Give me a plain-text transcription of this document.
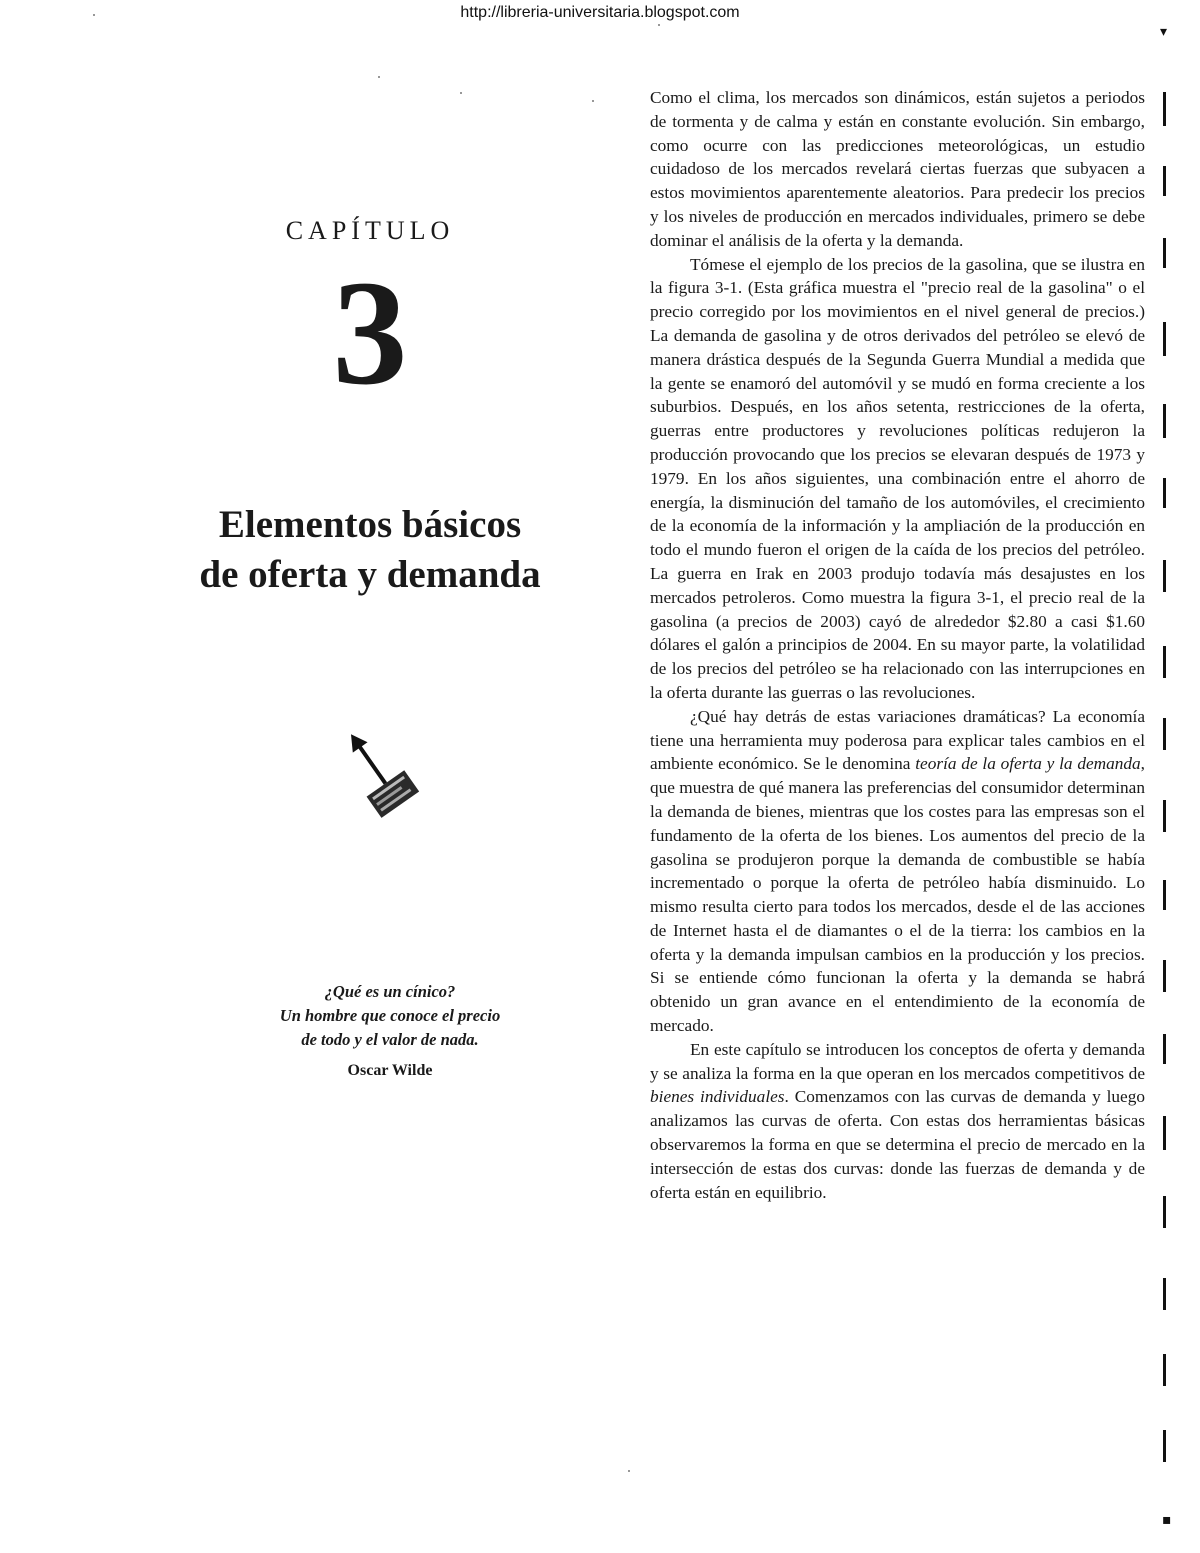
http://libreria-universitaria.blogspot.com
CAPÍTULO
3
Elementos básicos
de oferta y demanda
¿Qué es un cínico?
Un hombre que conoce el precio
de todo y el valor de nada.
Oscar Wilde

Como el clima, los mercados son dinámicos, están sujetos a periodos de tormenta y de calma y están en constante evolución. Sin embargo, como ocurre con las predicciones meteorológicas, un estudio cuidadoso de los mercados revelará ciertas fuerzas que subyacen a estos movimientos aparentemente aleatorios. Para predecir los precios y los niveles de producción en mercados individuales, primero se debe dominar el análisis de la oferta y la demanda.

Tómese el ejemplo de los precios de la gasolina, que se ilustra en la figura 3-1. (Esta gráfica muestra el "precio real de la gasolina" o el precio corregido por los movimientos en el nivel general de precios.) La demanda de gasolina y de otros derivados del petróleo se elevó de manera drástica después de la Segunda Guerra Mundial a medida que la gente se enamoró del automóvil y se mudó en forma creciente a los suburbios. Después, en los años setenta, restricciones de la oferta, guerras entre productores y revoluciones políticas redujeron la producción provocando que los precios se elevaran después de 1973 y 1979. En los años siguientes, una combinación entre el ahorro de energía, la disminución del tamaño de los automóviles, el crecimiento de la economía de la información y la ampliación de la producción en todo el mundo fueron el origen de la caída de los precios del petróleo. La guerra en Irak en 2003 produjo todavía más desajustes en los mercados petroleros. Como muestra la figura 3-1, el precio real de la gasolina (a precios de 2003) cayó de alrededor $2.80 a casi $1.60 dólares el galón a principios de 2004. En su mayor parte, la volatilidad de los precios del petróleo se ha relacionado con las interrupciones en la oferta durante las guerras o las revoluciones.

¿Qué hay detrás de estas variaciones dramáticas? La economía tiene una herramienta muy poderosa para explicar tales cambios en el ambiente económico. Se le denomina teoría de la oferta y la demanda, que muestra de qué manera las preferencias del consumidor determinan la demanda de bienes, mientras que los costes para las empresas son el fundamento de la oferta de los bienes. Los aumentos del precio de la gasolina se produjeron porque la demanda de combustible se había incrementado o porque la oferta de petróleo había disminuido. Lo mismo resulta cierto para todos los mercados, desde el de las acciones de Internet hasta el de diamantes o el de la tierra: los cambios en la oferta y la demanda impulsan cambios en la producción y los precios. Si se entiende cómo funcionan la oferta y la demanda se habrá obtenido un gran avance en el entendimiento de la economía de mercado.

En este capítulo se introducen los conceptos de oferta y demanda y se analiza la forma en la que operan en los mercados competitivos de bienes individuales. Comenzamos con las curvas de demanda y luego analizamos las curvas de oferta. Con estas dos herramientas básicas observaremos la forma en que se determina el precio de mercado en la intersección de estas dos curvas: donde las fuerzas de demanda y de oferta están en equilibrio.

▾
▪
